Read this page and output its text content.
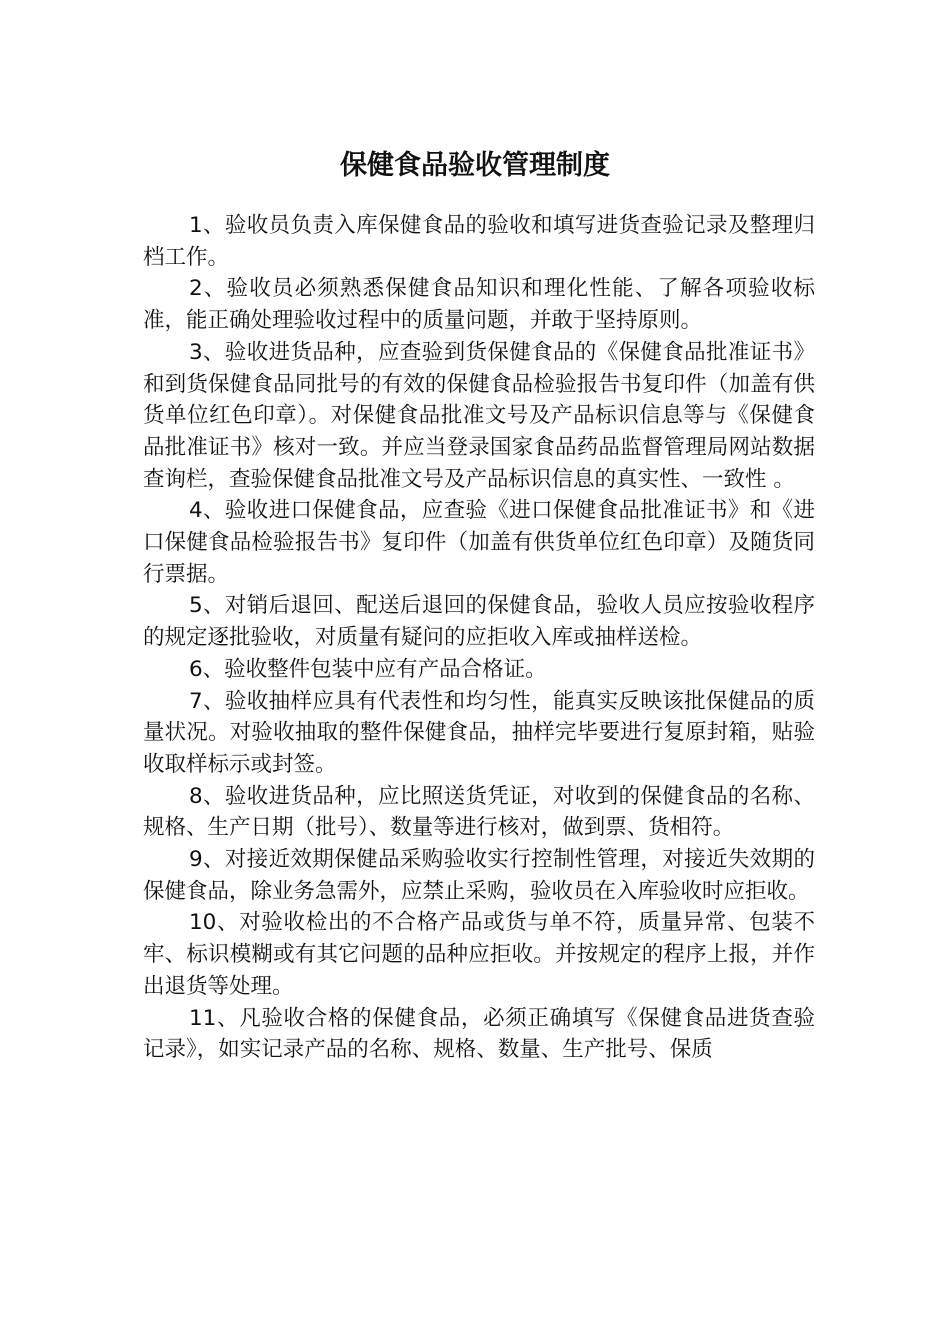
保健食品验收管理制度

1、验收员负责入库保健食品的验收和填写进货查验记录及整理归档工作。

2、验收员必须熟悉保健食品知识和理化性能、了解各项验收标准，能正确处理验收过程中的质量问题，并敢于坚持原则。

3、验收进货品种，应查验到货保健食品的《保健食品批准证书》和到货保健食品同批号的有效的保健食品检验报告书复印件（加盖有供货单位红色印章）。对保健食品批准文号及产品标识信息等与《保健食品批准证书》核对一致。并应当登录国家食品药品监督管理局网站数据查询栏，查验保健食品批准文号及产品标识信息的真实性、一致性 。

4、验收进口保健食品，应查验《进口保健食品批准证书》和《进口保健食品检验报告书》复印件（加盖有供货单位红色印章）及随货同行票据。

5、对销后退回、配送后退回的保健食品，验收人员应按验收程序的规定逐批验收，对质量有疑问的应拒收入库或抽样送检。

6、验收整件包装中应有产品合格证。

7、验收抽样应具有代表性和均匀性，能真实反映该批保健品的质量状况。对验收抽取的整件保健食品，抽样完毕要进行复原封箱，贴验收取样标示或封签。

8、验收进货品种，应比照送货凭证，对收到的保健食品的名称、规格、生产日期（批号）、数量等进行核对，做到票、货相符。

9、对接近效期保健品采购验收实行控制性管理，对接近失效期的保健食品，除业务急需外，应禁止采购，验收员在入库验收时应拒收。

10、对验收检出的不合格产品或货与单不符，质量异常、包装不牢、标识模糊或有其它问题的品种应拒收。并按规定的程序上报，并作出退货等处理。

11、凡验收合格的保健食品，必须正确填写《保健食品进货查验记录》，如实记录产品的名称、规格、数量、生产批号、保质
